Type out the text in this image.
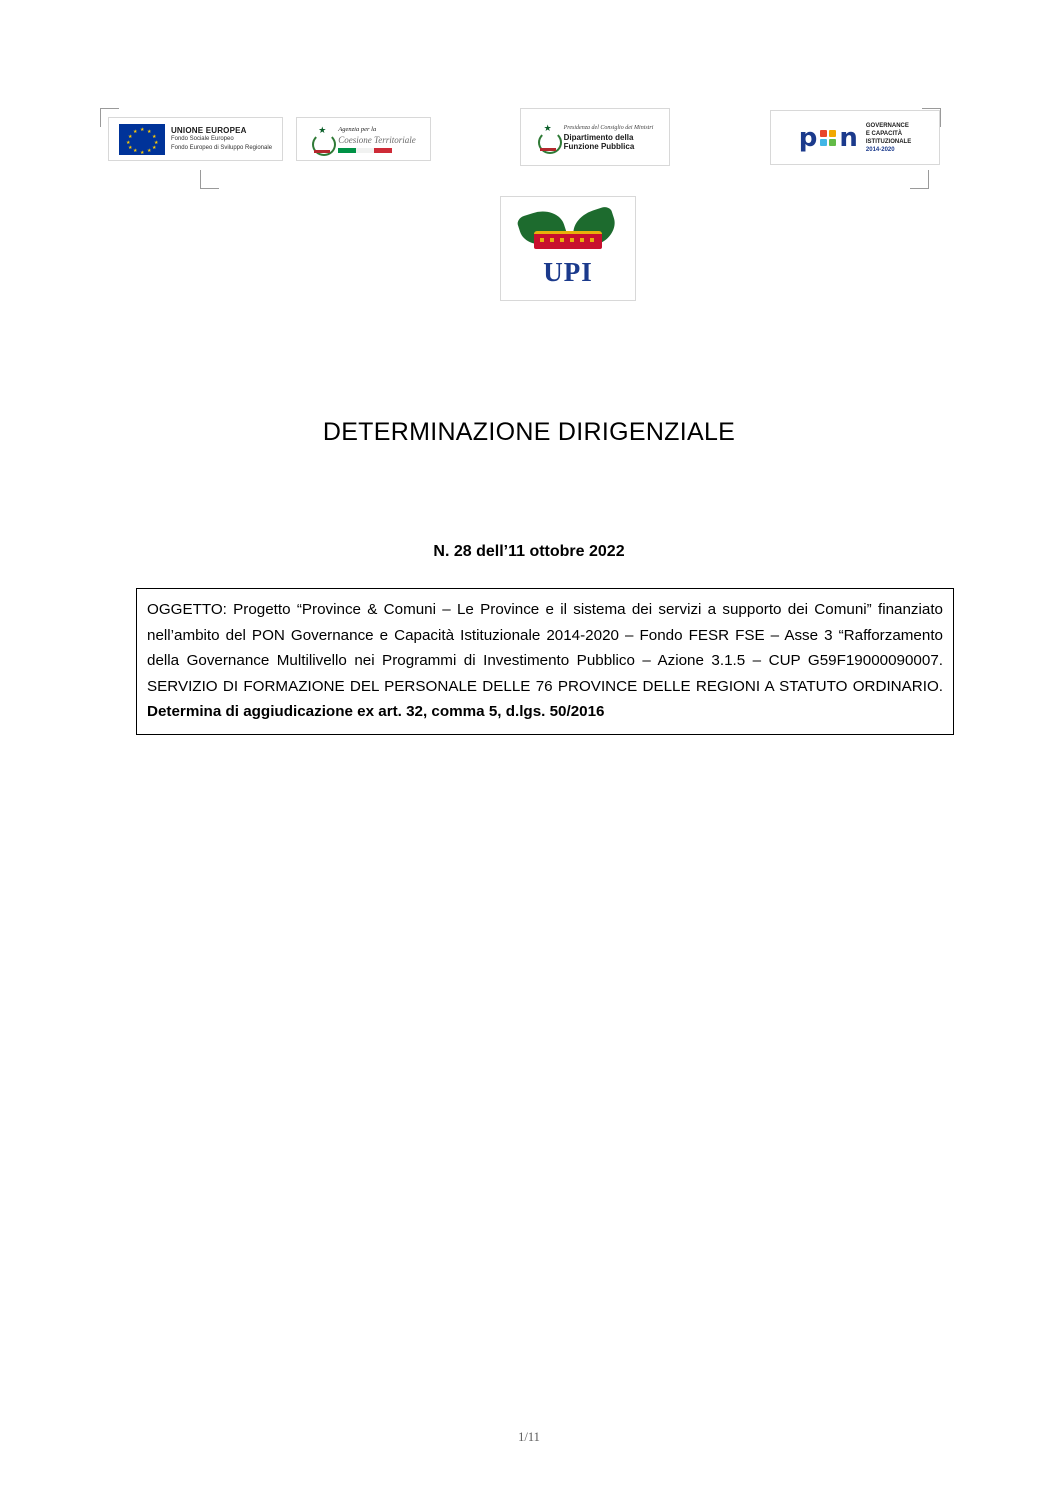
★ ★
★
★
★
★
★
★
★
★
★
★	UNIONE EUROPEA
Fondo Sociale Europeo
Fondo Europeo di Sviluppo Regionale
★ Agenzia per la
Coesione Territoriale
★ Presidenza del Consiglio dei Ministri
Dipartimento della
Funzione Pubblica	p n GOVERNANCE
E CAPACITÀ
ISTITUZIONALE
2014-2020
UPI
DETERMINAZIONE DIRIGENZIALE
N. 28 dell’11 ottobre 2022

OGGETTO: Progetto “Province & Comuni – Le Province e il sistema dei servizi a supporto dei Comuni” finanziato nell’ambito del PON Governance e Capacità Istituzionale 2014-2020 – Fondo FESR FSE – Asse 3 “Rafforzamento della Governance Multilivello nei Programmi di Investimento Pubblico – Azione 3.1.5 – CUP G59F19000090007. SERVIZIO DI FORMAZIONE DEL PERSONALE DELLE 76 PROVINCE DELLE REGIONI A STATUTO ORDINARIO. Determina di aggiudicazione ex art. 32, comma 5, d.lgs. 50/2016

1/11
